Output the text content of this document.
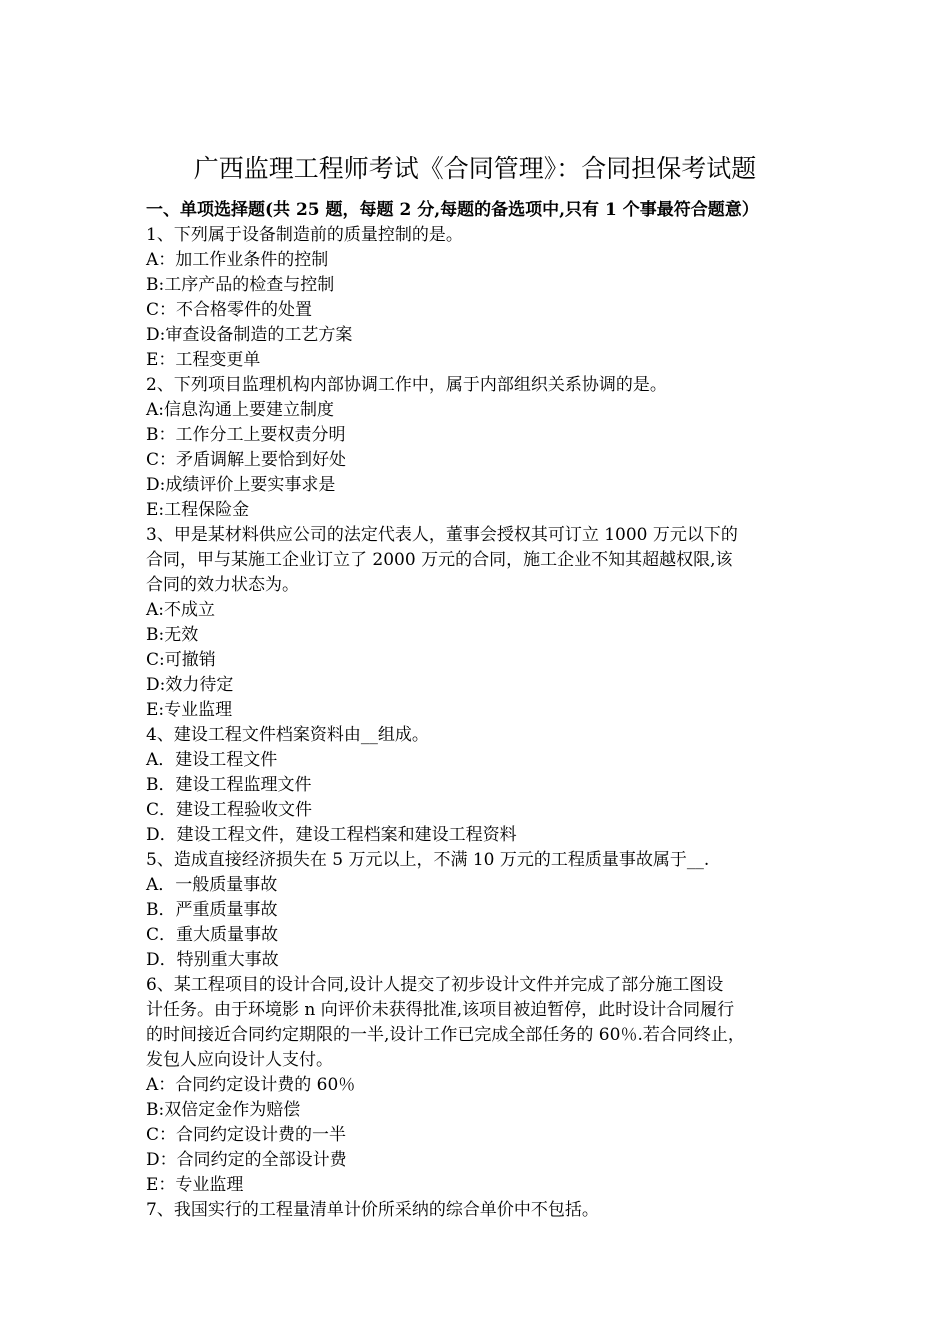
广西监理工程师考试《合同管理》：合同担保考试题
一、单项选择题(共 25 题，每题 2 分,每题的备选项中,只有 1 个事最符合题意）
1、下列属于设备制造前的质量控制的是。
A：加工作业条件的控制
B:工序产品的检查与控制
C：不合格零件的处置
D:审查设备制造的工艺方案
E：工程变更单
2、下列项目监理机构内部协调工作中，属于内部组织关系协调的是。
A:信息沟通上要建立制度
B：工作分工上要权责分明
C：矛盾调解上要恰到好处
D:成绩评价上要实事求是
E:工程保险金
3、甲是某材料供应公司的法定代表人，董事会授权其可订立 1000 万元以下的
合同，甲与某施工企业订立了 2000 万元的合同，施工企业不知其超越权限,该
合同的效力状态为。
A:不成立
B:无效
C:可撤销
D:效力待定
E:专业监理
4、建设工程文件档案资料由__组成。
A．建设工程文件
B．建设工程监理文件
C．建设工程验收文件
D．建设工程文件，建设工程档案和建设工程资料
5、造成直接经济损失在 5 万元以上，不满 10 万元的工程质量事故属于__.
A．一般质量事故
B．严重质量事故
C．重大质量事故
D．特别重大事故
6、某工程项目的设计合同,设计人提交了初步设计文件并完成了部分施工图设
计任务。由于环境影 n 向评价未获得批准,该项目被迫暂停，此时设计合同履行
的时间接近合同约定期限的一半,设计工作已完成全部任务的 60％.若合同终止，
发包人应向设计人支付。
A：合同约定设计费的 60％
B:双倍定金作为赔偿
C：合同约定设计费的一半
D：合同约定的全部设计费
E：专业监理
7、我国实行的工程量清单计价所采纳的综合单价中不包括。
